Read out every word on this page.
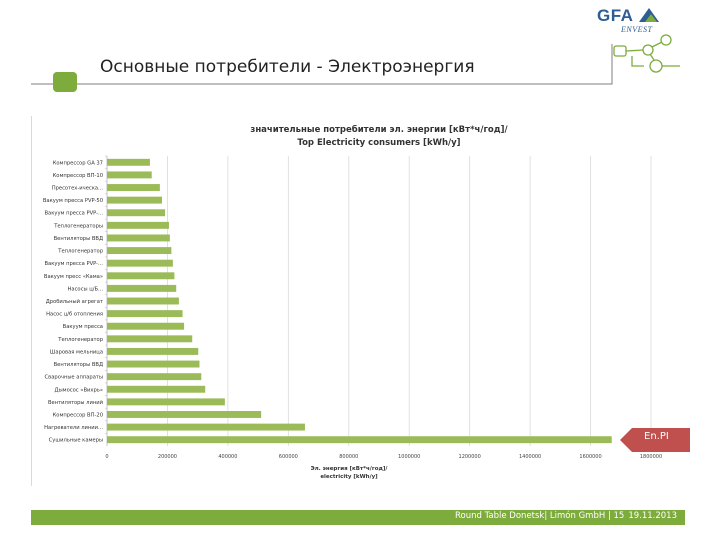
GFA
ENVEST
Основные потребители - Электроэнергия
значительные потребители эл. энергии [кВт*ч/год]/
Top Electricity consumers [kWh/y]
0	200000	400000	600000	800000	1000000	1200000	1400000	1600000	1800000
Компрессор GA 37
Компрессор ВП-10
Пресотех-ическа...
Вакуум пресса PVP-50
Вакуум пресса PVP-...
Теплогенераторы
Вентиляторы ВВД
Теплогенератор
Вакуум пресса PVP-...
Вакуум пресс «Кама»
Насосы ц/Б...
Дробильный агрегат
Насос ц/б отопления
Вакуум пресса
Теплогенератор
Шаровая мельница
Вентиляторы ВВД
Сварочные аппараты
Дымосос «Вихрь»
Вентиляторы линий
Компрессор ВП-20
Нагреватели линии...
Сушильные камеры
Эл. энергия [кВт*ч/год]/
electricity [kWh/y]
En.PI
Round Table Donetsk| Limón GmbH | 15 19.11.2013
